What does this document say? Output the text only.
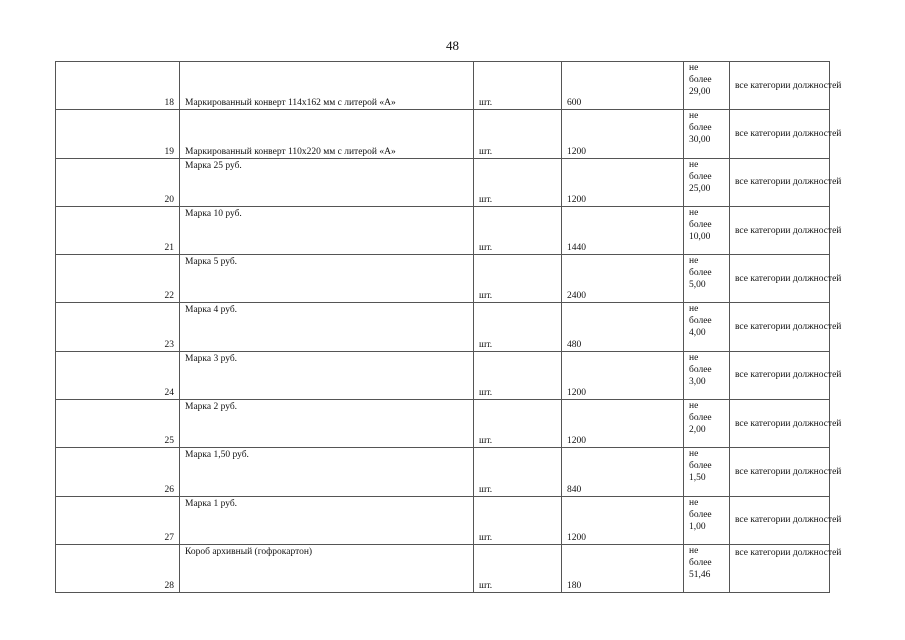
48
18	Маркированный конверт 114х162 мм с литерой «А»	шт.	600	не
более
29,00	все категории должностей
19	Маркированный конверт 110х220 мм с литерой «А»	шт.	1200	не
более
30,00	все категории должностей
20	Марка 25 руб.	шт.	1200	не
более
25,00	все категории должностей
21	Марка 10 руб.	шт.	1440	не
более
10,00	все категории должностей
22	Марка 5 руб.	шт.	2400	не
более
5,00	все категории должностей
23	Марка 4 руб.	шт.	480	не
более
4,00	все категории должностей
24	Марка 3 руб.	шт.	1200	не
более
3,00	все категории должностей
25	Марка 2 руб.	шт.	1200	не
более
2,00	все категории должностей
26	Марка 1,50 руб.	шт.	840	не
более
1,50	все категории должностей
27	Марка 1 руб.	шт.	1200	не
более
1,00	все категории должностей
28	Короб архивный (гофрокартон)	шт.	180	не
более
51,46	все категории должностей
